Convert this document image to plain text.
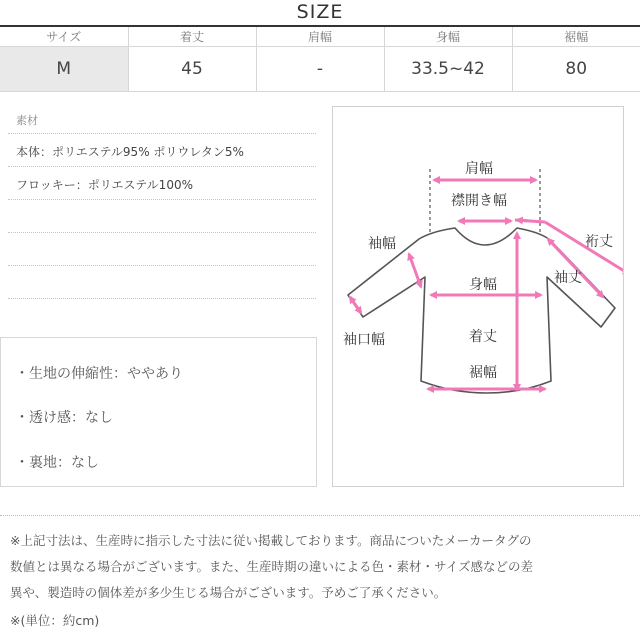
SIZE
サイズ	着丈	肩幅	身幅	裾幅
M	45	-	33.5~42	80
素材
本体：ポリエステル95% ポリウレタン5%
フロッキー：ポリエステル100%
・生地の伸縮性：ややあり
・透け感：なし
・裏地：なし
肩幅
襟開き幅
裄丈
袖丈
袖幅
袖口幅
身幅
着丈
裾幅
※上記寸法は、生産時に指示した寸法に従い掲載しております。商品についたメーカータグの
数値とは異なる場合がございます。また、生産時期の違いによる色・素材・サイズ感などの差
異や、製造時の個体差が多少生じる場合がございます。予めご了承ください。
※(単位：約cm)
